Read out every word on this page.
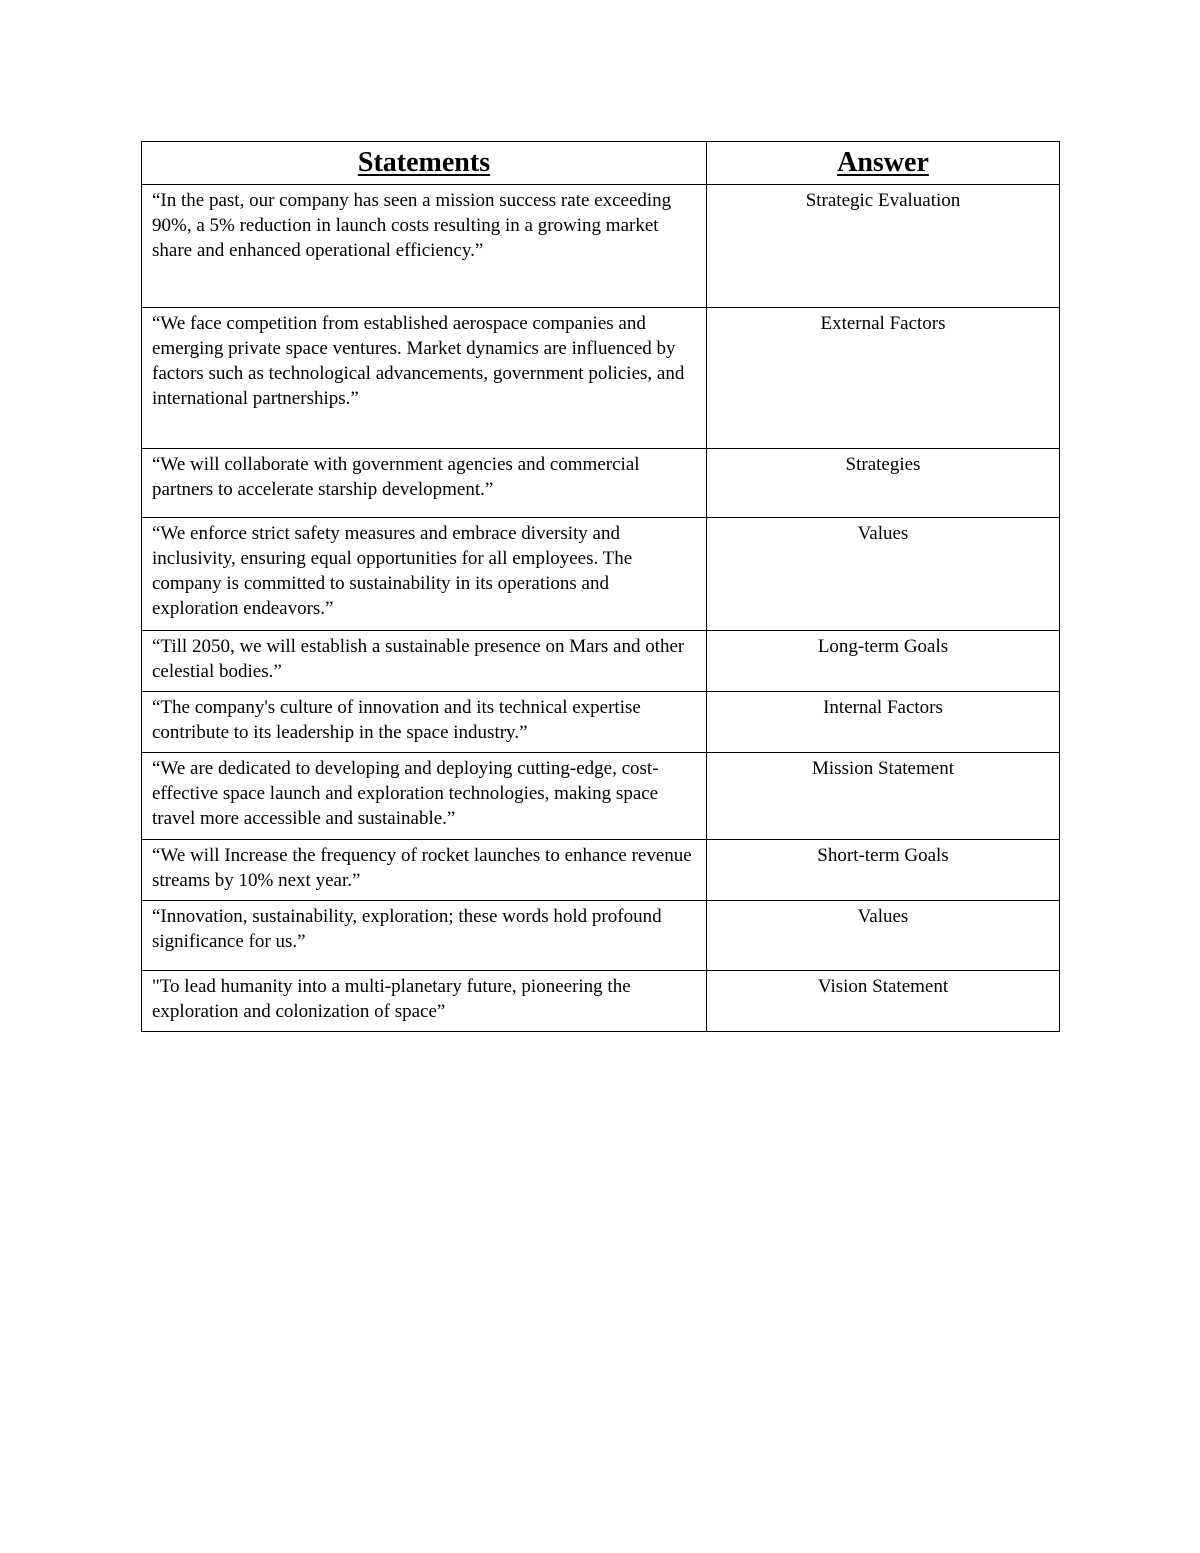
Statements	Answer
“In the past, our company has seen a mission success rate exceeding 90%, a 5% reduction in launch costs resulting in a growing market share and enhanced operational efficiency.”	Strategic Evaluation
“We face competition from established aerospace companies and emerging private space ventures. Market dynamics are influenced by factors such as technological advancements, government policies, and international partnerships.”	External Factors
“We will collaborate with government agencies and commercial partners to accelerate starship development.”	Strategies
“We enforce strict safety measures and embrace diversity and inclusivity, ensuring equal opportunities for all employees. The company is committed to sustainability in its operations and exploration endeavors.”	Values
“Till 2050, we will establish a sustainable presence on Mars and other celestial bodies.”	Long-term Goals
“The company's culture of innovation and its technical expertise contribute to its leadership in the space industry.”	Internal Factors
“We are dedicated to developing and deploying cutting-edge, cost-effective space launch and exploration technologies, making space travel more accessible and sustainable.”	Mission Statement
“We will Increase the frequency of rocket launches to enhance revenue streams by 10% next year.”	Short-term Goals
“Innovation, sustainability, exploration; these words hold profound significance for us.”	Values
"To lead humanity into a multi-planetary future, pioneering the exploration and colonization of space”	Vision Statement
